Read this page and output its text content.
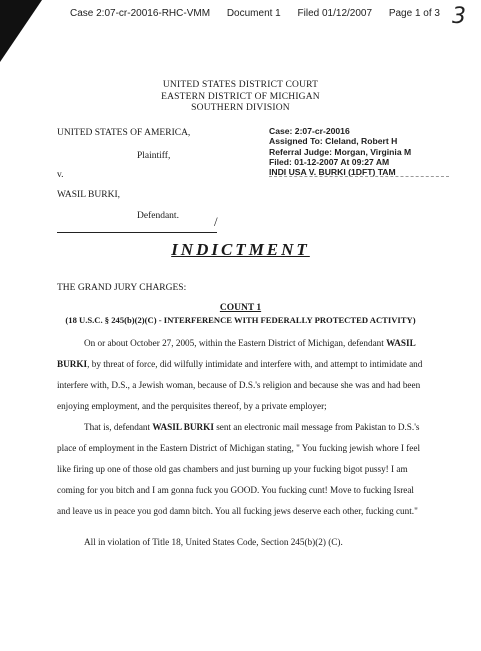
Case 2:07-cr-20016-RHC-VMM Document 1 Filed 01/12/2007 Page 1 of 3 3
UNITED STATES DISTRICT COURT
EASTERN DISTRICT OF MICHIGAN
SOUTHERN DIVISION
UNITED STATES OF AMERICA,
Plaintiff,
v.
WASIL BURKI,
Defendant.	/
Case: 2:07-cr-20016
Assigned To: Cleland, Robert H
Referral Judge: Morgan, Virginia M
Filed: 01-12-2007 At 09:27 AM
INDI USA V. BURKI (1DFT) TAM
INDICTMENT
THE GRAND JURY CHARGES:
COUNT 1
(18 U.S.C. § 245(b)(2)(C) - INTERFERENCE WITH FEDERALLY PROTECTED ACTIVITY)
On or about October 27, 2005, within the Eastern District of Michigan, defendant WASIL
BURKI, by threat of force, did wilfully intimidate and interfere with, and attempt to intimidate and
interfere with, D.S., a Jewish woman, because of D.S.'s religion and because she was and had been
enjoying employment, and the perquisites thereof, by a private employer;
That is, defendant WASIL BURKI sent an electronic mail message from Pakistan to D.S.'s
place of employment in the Eastern District of Michigan stating, " You fucking jewish whore I feel
like firing up one of those old gas chambers and just burning up your fucking bigot pussy! I am
coming for you bitch and I am gonna fuck you GOOD. You fucking cunt! Move to fucking Isreal
and leave us in peace you god damn bitch. You all fucking jews deserve each other, fucking cunt."
All in violation of Title 18, United States Code, Section 245(b)(2) (C).
